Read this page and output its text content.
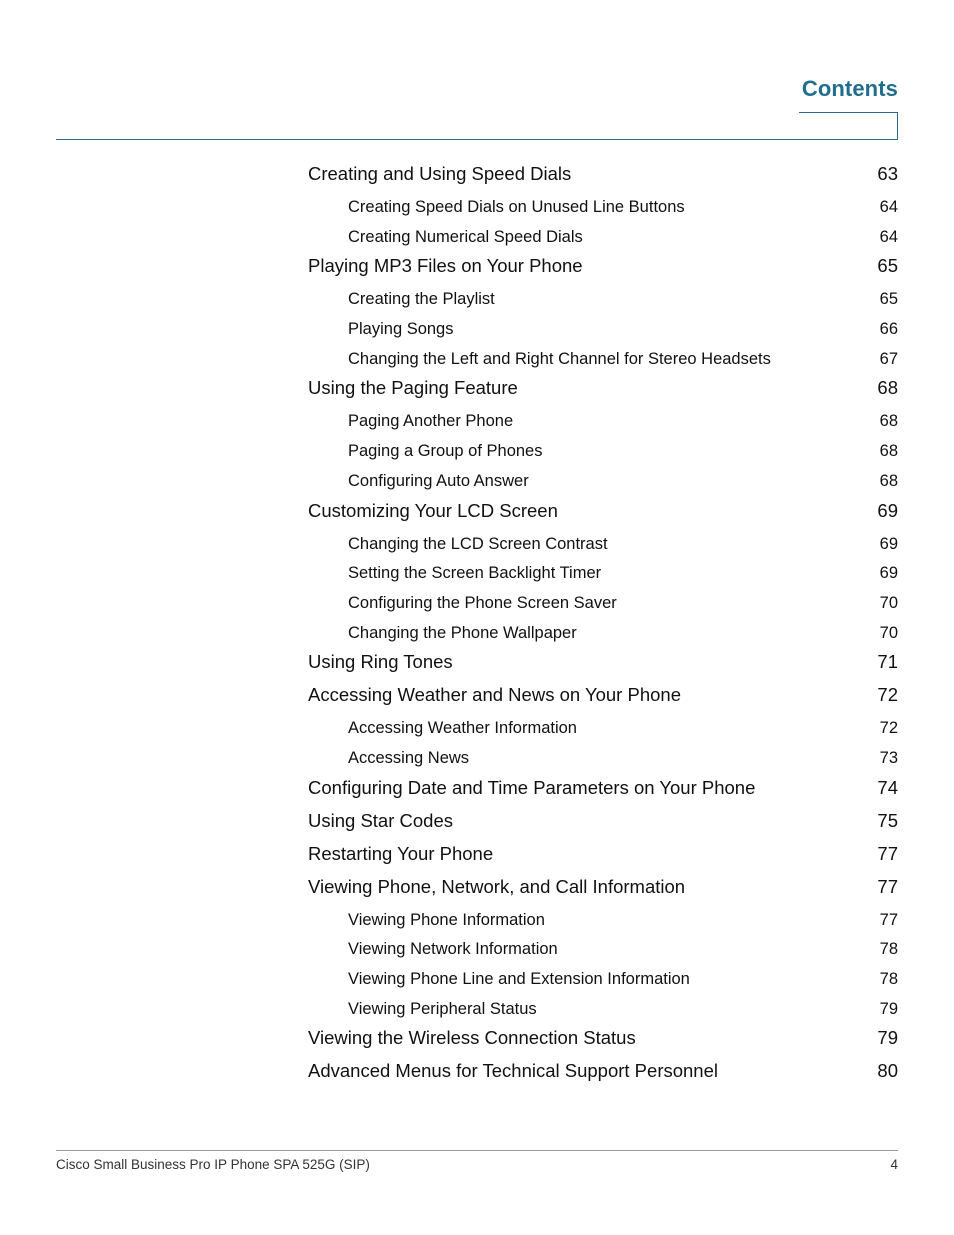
Contents
Creating and Using Speed Dials	63
Creating Speed Dials on Unused Line Buttons	64
Creating Numerical Speed Dials	64
Playing MP3 Files on Your Phone	65
Creating the Playlist	65
Playing Songs	66
Changing the Left and Right Channel for Stereo Headsets	67
Using the Paging Feature	68
Paging Another Phone	68
Paging a Group of Phones	68
Configuring Auto Answer	68
Customizing Your LCD Screen	69
Changing the LCD Screen Contrast	69
Setting the Screen Backlight Timer	69
Configuring the Phone Screen Saver	70
Changing the Phone Wallpaper	70
Using Ring Tones	71
Accessing Weather and News on Your Phone	72
Accessing Weather Information	72
Accessing News	73
Configuring Date and Time Parameters on Your Phone	74
Using Star Codes	75
Restarting Your Phone	77
Viewing Phone, Network, and Call Information	77
Viewing Phone Information	77
Viewing Network Information	78
Viewing Phone Line and Extension Information	78
Viewing Peripheral Status	79
Viewing the Wireless Connection Status	79
Advanced Menus for Technical Support Personnel	80
Cisco Small Business Pro IP Phone SPA 525G (SIP)	4
